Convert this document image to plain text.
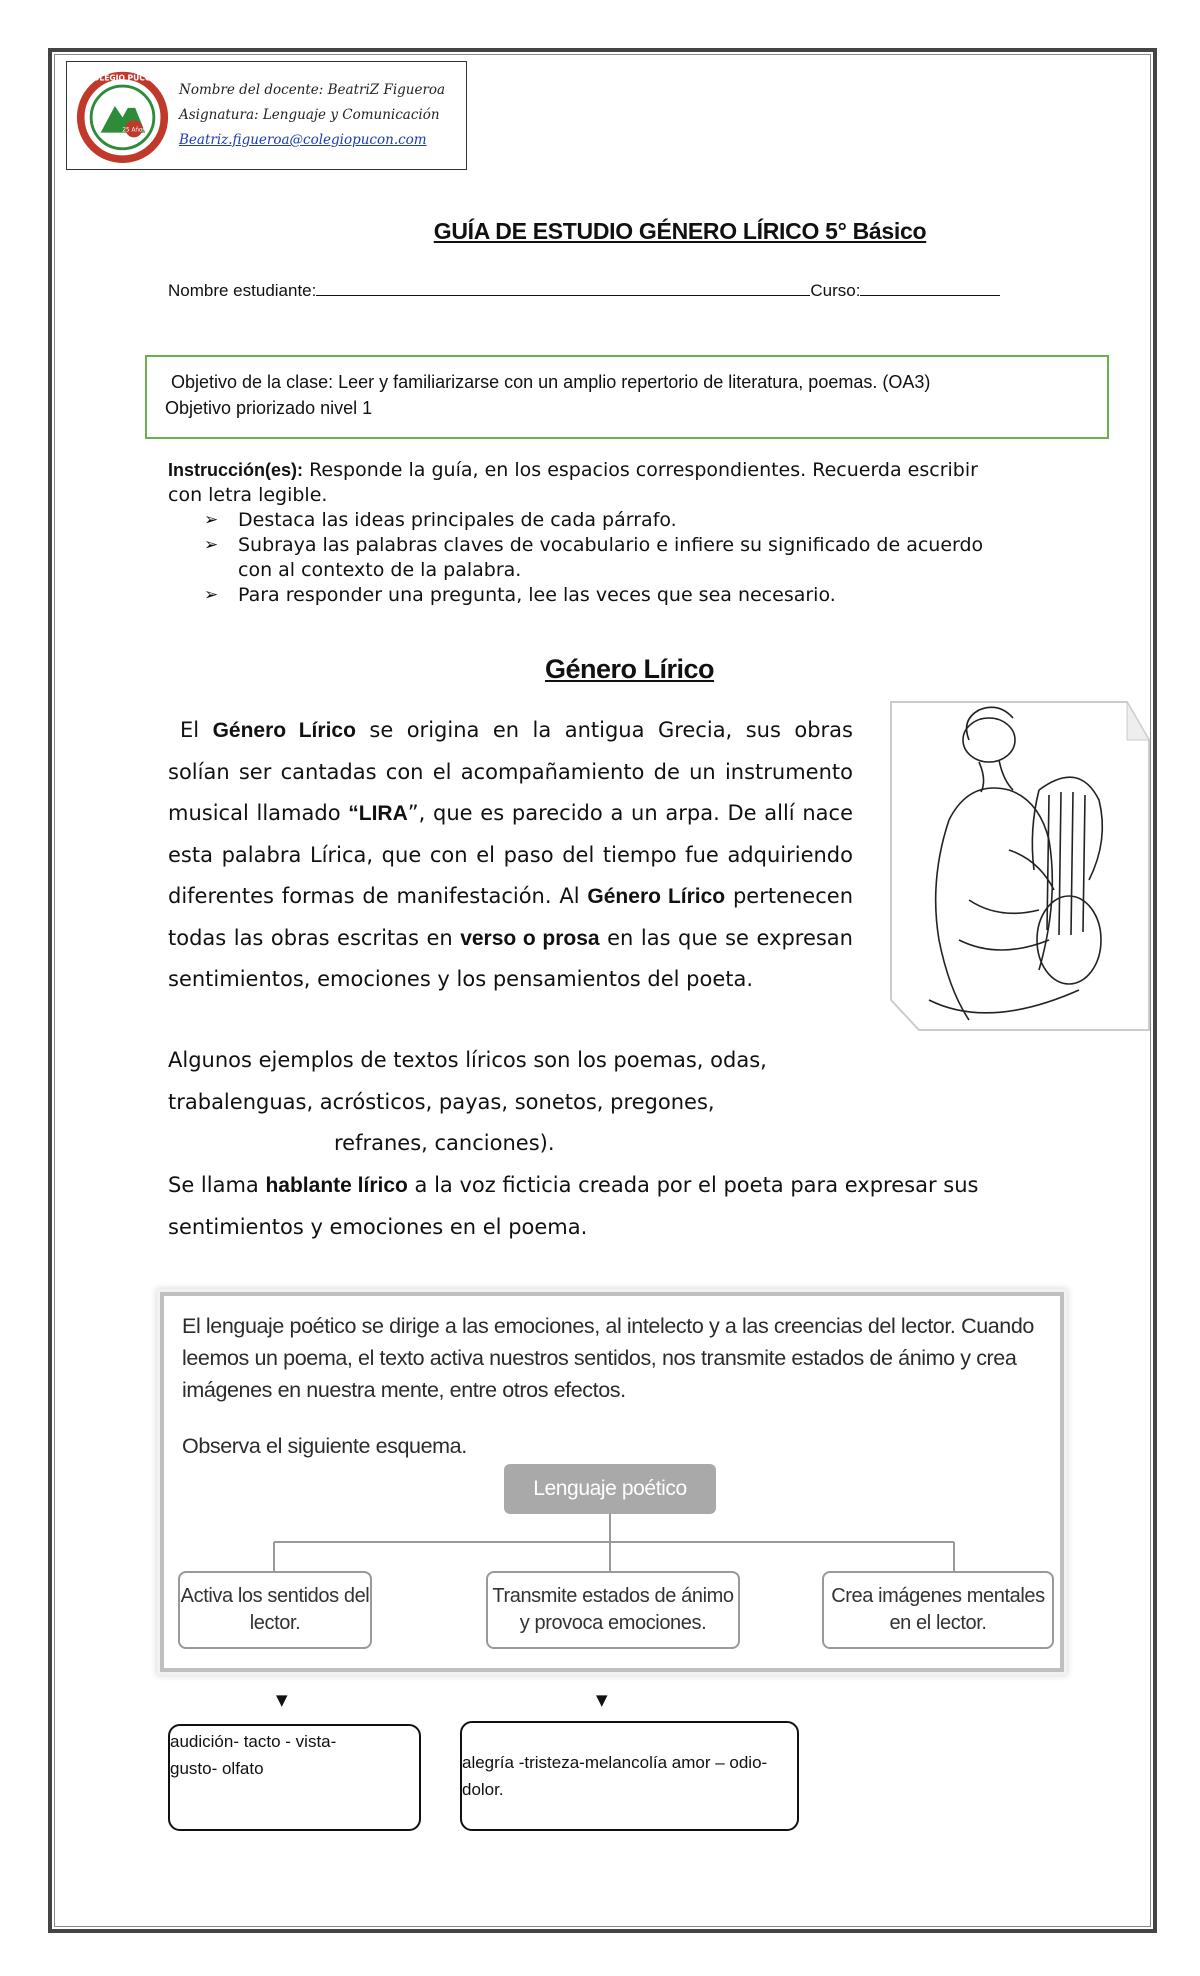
COLEGIO PUCÓN
25 Años
Nombre del docente: BeatriZ Figueroa
Asignatura: Lenguaje y Comunicación
Beatriz.figueroa@colegiopucon.com
GUÍA DE ESTUDIO GÉNERO LÍRICO 5° Básico
Nombre estudiante:	Curso:
Objetivo de la clase: Leer y familiarizarse con un amplio repertorio de literatura, poemas. (OA3)
Objetivo priorizado nivel 1
Instrucción(es): Responde la guía, en los espacios correspondientes. Recuerda escribir con letra legible.
➢ Destaca las ideas principales de cada párrafo.
➢ Subraya las palabras claves de vocabulario e infiere su significado de acuerdo con al contexto de la palabra.
➢ Para responder una pregunta, lee las veces que sea necesario.
Género Lírico
El Género Lírico se origina en la antigua Grecia, sus obras solían ser cantadas con el acompañamiento de un instrumento musical llamado “LIRA”, que es parecido a un arpa. De allí nace esta palabra Lírica, que con el paso del tiempo fue adquiriendo diferentes formas de manifestación. Al Género Lírico pertenecen todas las obras escritas en verso o prosa en las que se expresan sentimientos, emociones y los pensamientos del poeta.
Algunos ejemplos de textos líricos son los poemas, odas,
trabalenguas, acrósticos, payas, sonetos, pregones,
refranes, canciones).
Se llama hablante lírico a la voz ficticia creada por el poeta para expresar sus sentimientos y emociones en el poema.
El lenguaje poético se dirige a las emociones, al intelecto y a las creencias del lector. Cuando leemos un poema, el texto activa nuestros sentidos, nos transmite estados de ánimo y crea imágenes en nuestra mente, entre otros efectos.
Observa el siguiente esquema.
Lenguaje poético
Activa los sentidos del lector.
Transmite estados de ánimo y provoca emociones.
Crea imágenes mentales en el lector.
▼	▼
audición- tacto - vista- gusto- olfato	alegría -tristeza-melancolía amor – odio- dolor.
